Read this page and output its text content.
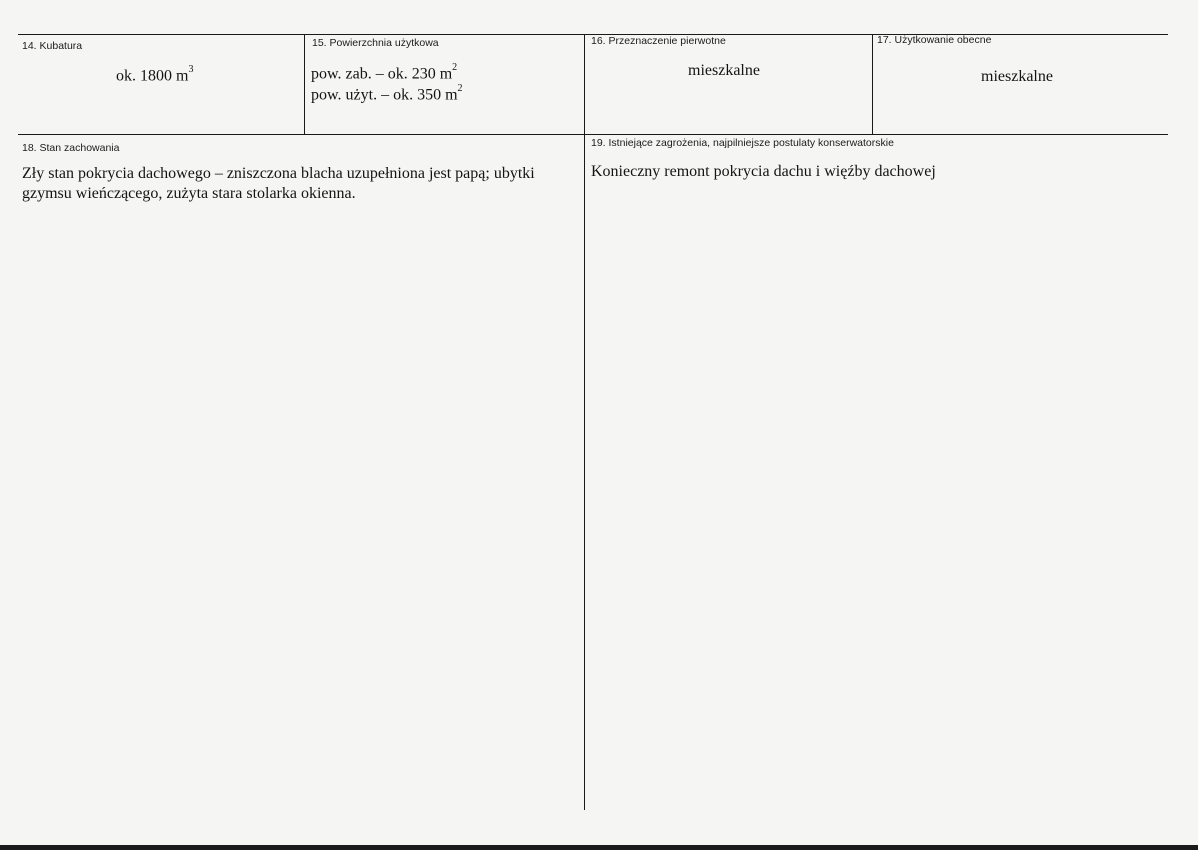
14. Kubatura
ok. 1800 $m^3$
15. Powierzchnia użytkowa
pow. zab. – ok. 230 $m^2$
pow. użyt. – ok. 350 $m^2$
16. Przeznaczenie pierwotne
mieszkalne
17. Użytkowanie obecne
mieszkalne
18. Stan zachowania
Zły stan pokrycia dachowego – zniszczona blacha uzupełniona jest papą; ubytki gzymsu wieńczącego, zużyta stara stolarka okienna.
19. Istniejące zagrożenia, najpilniejsze postulaty konserwatorskie
Konieczny remont pokrycia dachu i więźby dachowej
